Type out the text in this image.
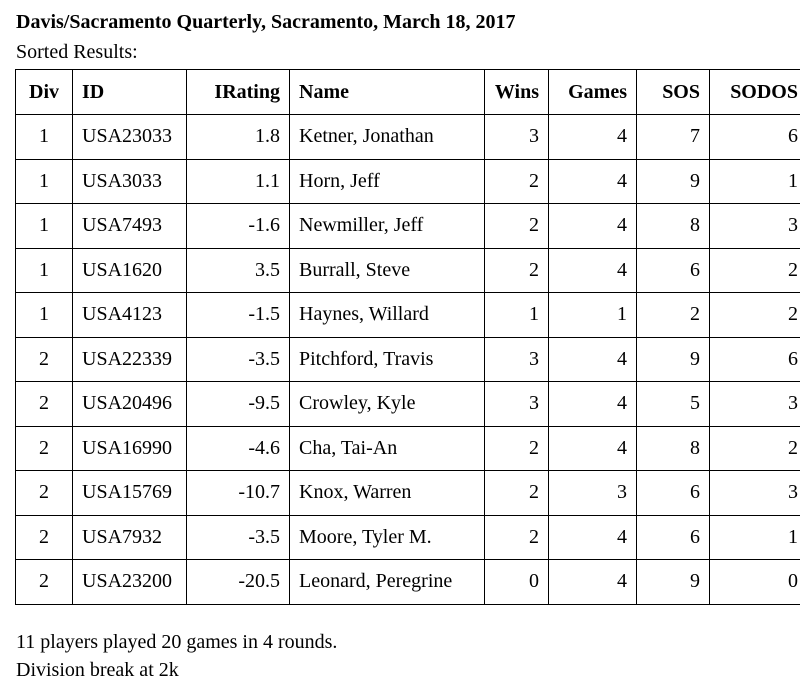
Davis/Sacramento Quarterly, Sacramento, March 18, 2017
Sorted Results:
Div	ID	IRating	Name	Wins	Games	SOS	SODOS
1	USA23033	1.8	Ketner, Jonathan	3	4	7	6
1	USA3033	1.1	Horn, Jeff	2	4	9	1
1	USA7493	-1.6	Newmiller, Jeff	2	4	8	3
1	USA1620	3.5	Burrall, Steve	2	4	6	2
1	USA4123	-1.5	Haynes, Willard	1	1	2	2
2	USA22339	-3.5	Pitchford, Travis	3	4	9	6
2	USA20496	-9.5	Crowley, Kyle	3	4	5	3
2	USA16990	-4.6	Cha, Tai-An	2	4	8	2
2	USA15769	-10.7	Knox, Warren	2	3	6	3
2	USA7932	-3.5	Moore, Tyler M.	2	4	6	1
2	USA23200	-20.5	Leonard, Peregrine	0	4	9	0
11 players played 20 games in 4 rounds.
Division break at 2k
